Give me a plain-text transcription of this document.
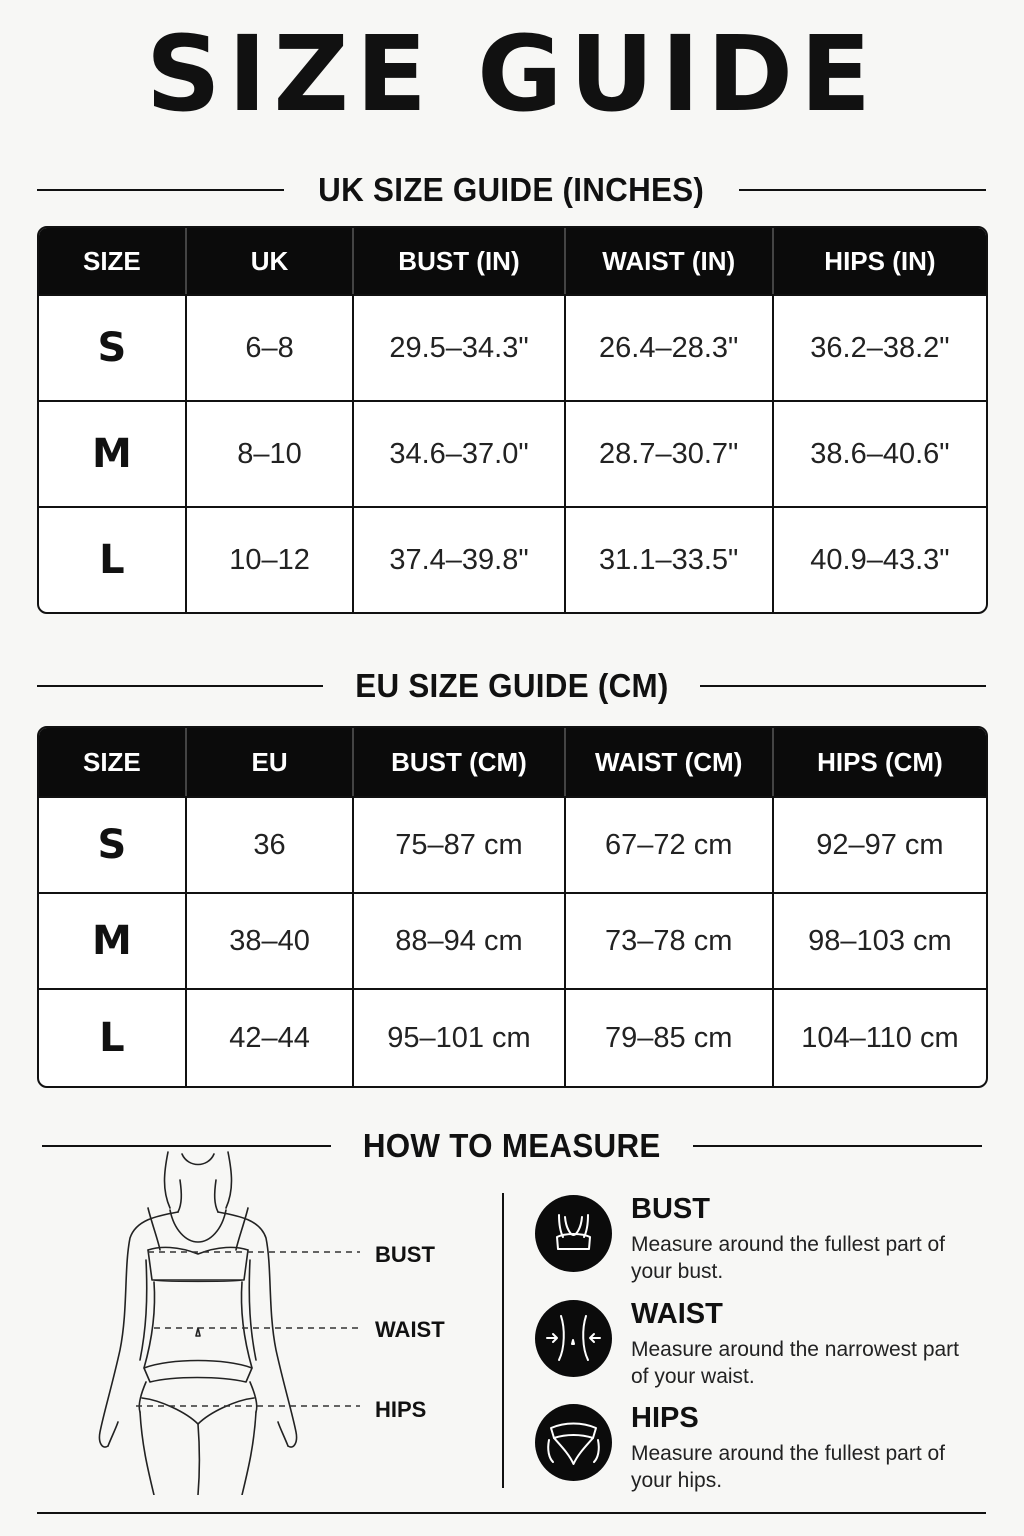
SIZE GUIDE
UK SIZE GUIDE (INCHES)
SIZE	UK	BUST (IN)	WAIST (IN)	HIPS (IN)
S	6–8	29.5–34.3"	26.4–28.3"	36.2–38.2"
M	8–10	34.6–37.0"	28.7–30.7"	38.6–40.6"
L	10–12	37.4–39.8"	31.1–33.5"	40.9–43.3"
EU SIZE GUIDE (CM)
SIZE	EU	BUST (CM)	WAIST (CM)	HIPS (CM)
S	36	75–87 cm	67–72 cm	92–97 cm
M	38–40	88–94 cm	73–78 cm	98–103 cm
L	42–44	95–101 cm	79–85 cm	104–110 cm
HOW TO MEASURE
BUST
WAIST
HIPS
BUST
Measure around the fullest part of your bust.
WAIST
Measure around the narrowest part of your waist.
HIPS
Measure around the fullest part of your hips.
